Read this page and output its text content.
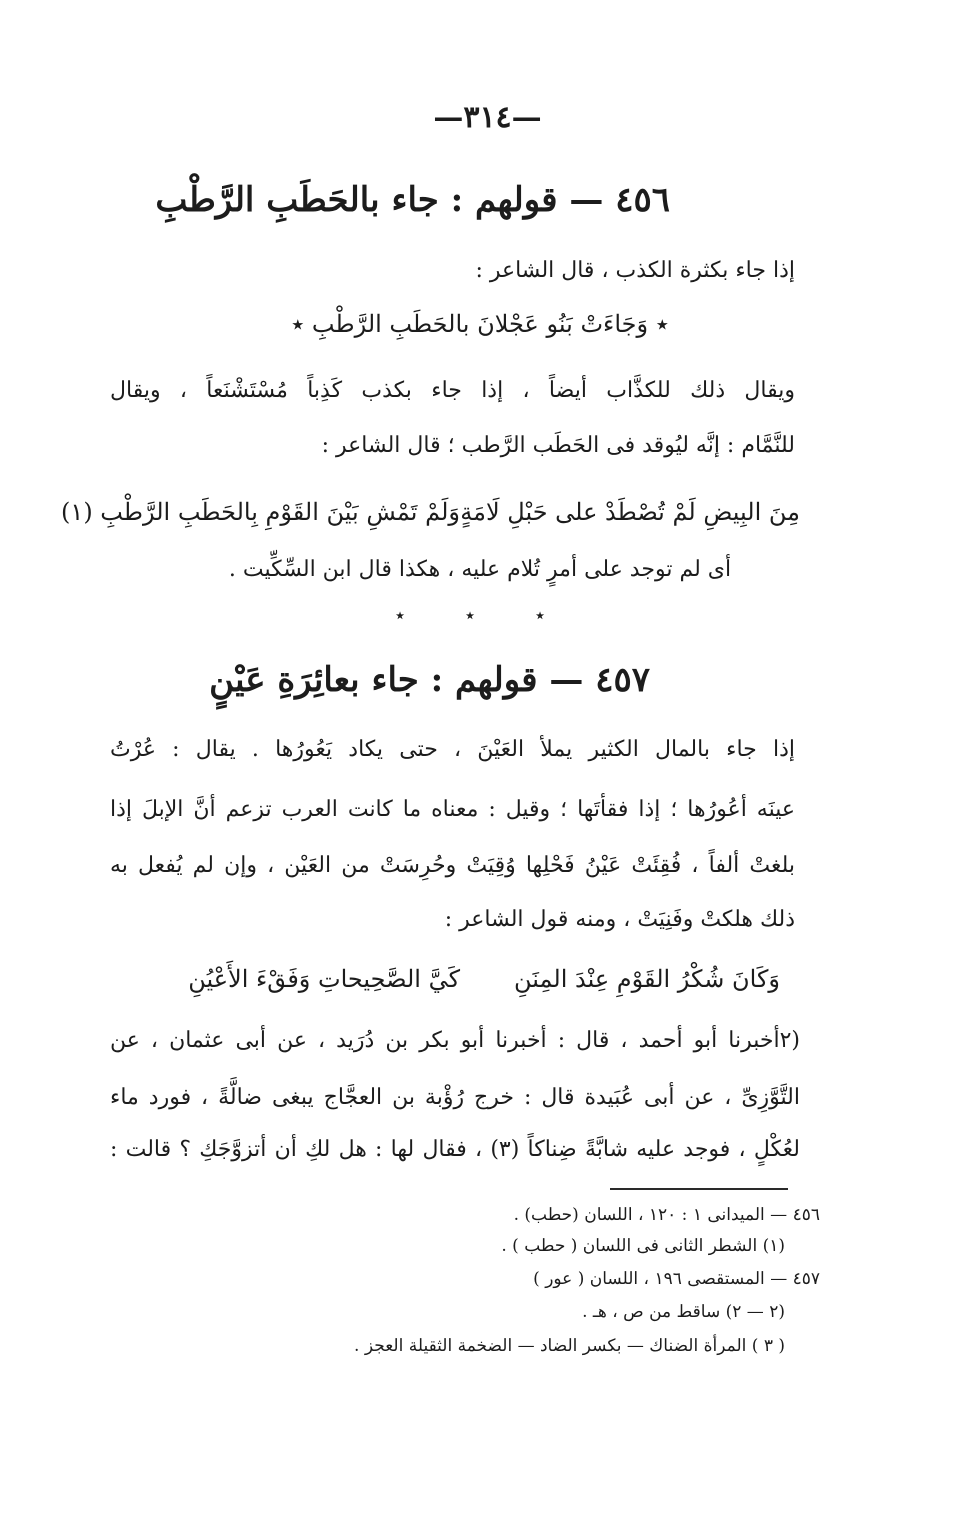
—٣١٤—
٤٥٦ — قولهم : جاء بالحَطَبِ الرَّطْبِ
إذا جاء بكثرة الكذب ، قال الشاعر :
٭ وَجَاءَتْ بَنُو عَجْلانَ بالحَطَبِ الرَّطْبِ ٭
ويقال ذلك للكذَّاب أيضاً ، إذا جاء بكذب كَذِباً مُسْتَشْنَعاً ، ويقال
للنَّمَّام : إنَّه ليُوقد فى الحَطَب الرَّطب ؛ قال الشاعر :
مِنَ البِيضِ لَمْ تُصْطَدْ على حَبْلِ لَامَةٍ
وَلَمْ تَمْشِ بَيْنَ القَوْمِ بِالحَطَبِ الرَّطْبِ (١)
أى لم توجد على أمرٍ تُلام عليه ، هكذا قال ابن السِّكِّيت .
٭
٭
٭
٤٥٧ — قولهم : جاء بعائِرَةِ عَيْنٍ
إذا جاء بالمال الكثير يملأ العَيْنَ ، حتى يكاد يَعُورُها . يقال : عُرْتُ
عينَه أعُورُها ؛ إذا فقأتَها ؛ وقيل : معناه ما كانت العرب تزعم أنَّ الإبلَ إذا
بلغتْ ألفاً ، فُقِئَتْ عَيْنُ فَحْلِها وُقِيَتْ وحُرِسَتْ من العَيْن ، وإن لم يُفعل به
ذلك هلكتْ وفَنِيَتْ ، ومنه قول الشاعر :
وَكَانَ شُكْرُ القَوْمِ عِنْدَ المِنَنِ
كَيَّ الصَّحِيحاتِ وَفَقْءَ الأَعْيُنِ
(٢أخبرنا أبو أحمد ، قال : أخبرنا أبو بكر بن دُرَيد ، عن أبى عثمان ، عن
التَّوَّزِىِّ ، عن أبى عُبَيدة قال : خرج رُؤْبة بن العجَّاج يبغى ضالَّةً ، فورد ماء
لعُكْلٍ ، فوجد عليه شابَّةً ضِناكاً (٣) ، فقال لها : هل لكِ أن أتزوَّجَكِ ؟ قالت :
٤٥٦ — الميدانى ١ : ١٢٠ ، اللسان (حطب) .
(١) الشطر الثانى فى اللسان ( حطب ) .
٤٥٧ — المستقصى ١٩٦ ، اللسان ( عور )
(٢ — ٢) ساقط من ص ، هـ .
( ٣ ) المرأة الضناك — بكسر الضاد — الضخمة الثقيلة العجز .
